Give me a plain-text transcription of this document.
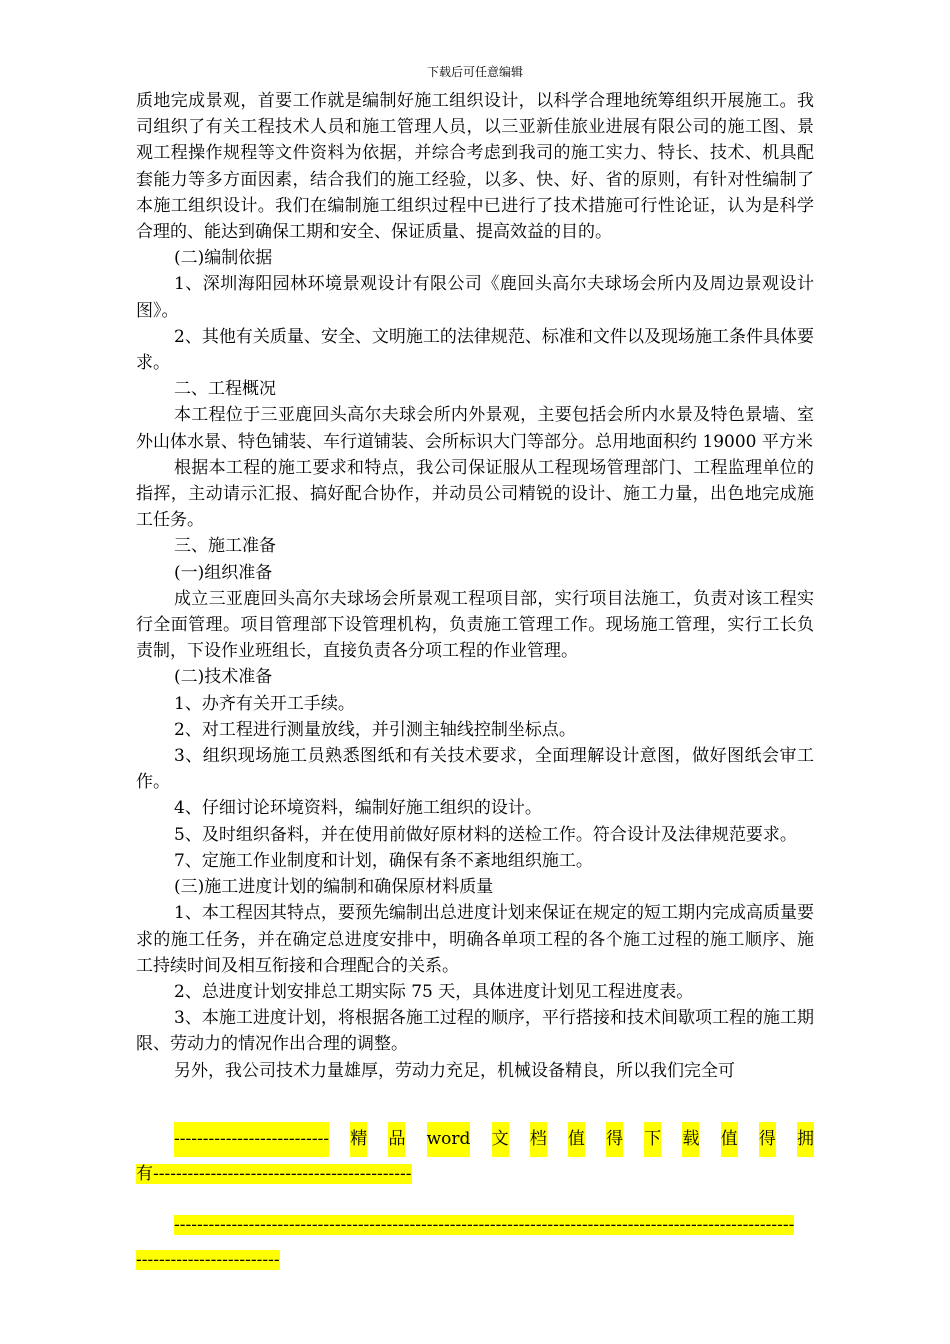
下载后可任意编辑

质地完成景观，首要工作就是编制好施工组织设计，以科学合理地统筹组织开展施工。我司组织了有关工程技术人员和施工管理人员，以三亚新佳旅业进展有限公司的施工图、景观工程操作规程等文件资料为依据，并综合考虑到我司的施工实力、特长、技术、机具配套能力等多方面因素，结合我们的施工经验，以多、快、好、省的原则，有针对性编制了本施工组织设计。我们在编制施工组织过程中已进行了技术措施可行性论证，认为是科学合理的、能达到确保工期和安全、保证质量、提高效益的目的。

(二)编制依据

1、深圳海阳园林环境景观设计有限公司《鹿回头高尔夫球场会所内及周边景观设计图》。

2、其他有关质量、安全、文明施工的法律规范、标准和文件以及现场施工条件具体要求。

二、工程概况

本工程位于三亚鹿回头高尔夫球会所内外景观，主要包括会所内水景及特色景墙、室外山体水景、特色铺装、车行道铺装、会所标识大门等部分。总用地面积约 19000 平方米

根据本工程的施工要求和特点，我公司保证服从工程现场管理部门、工程监理单位的指挥，主动请示汇报、搞好配合协作，并动员公司精锐的设计、施工力量，出色地完成施工任务。

三、施工准备

(一)组织准备

成立三亚鹿回头高尔夫球场会所景观工程项目部，实行项目法施工，负责对该工程实行全面管理。项目管理部下设管理机构，负责施工管理工作。现场施工管理，实行工长负责制，下设作业班组长，直接负责各分项工程的作业管理。

(二)技术准备

1、办齐有关开工手续。

2、对工程进行测量放线，并引测主轴线控制坐标点。

3、组织现场施工员熟悉图纸和有关技术要求，全面理解设计意图，做好图纸会审工作。

4、仔细讨论环境资料，编制好施工组织的设计。

5、及时组织备料，并在使用前做好原材料的送检工作。符合设计及法律规范要求。

7、定施工作业制度和计划，确保有条不紊地组织施工。

(三)施工进度计划的编制和确保原材料质量

1、本工程因其特点，要预先编制出总进度计划来保证在规定的短工期内完成高质量要求的施工任务，并在确定总进度安排中，明确各单项工程的各个施工过程的施工顺序、施工持续时间及相互衔接和合理配合的关系。

2、总进度计划安排总工期实际 75 天，具体进度计划见工程进度表。

3、本施工进度计划，将根据各施工过程的顺序，平行搭接和技术间歇项工程的施工期限、劳动力的情况作出合理的调整。

另外，我公司技术力量雄厚，劳动力充足，机械设备精良，所以我们完全可

--------------------------- 精 品 word 文 档 值 得 下 载 值 得 拥
有---------------------------------------------
------------------------------------------------------------------------------------------------------------
-------------------------
